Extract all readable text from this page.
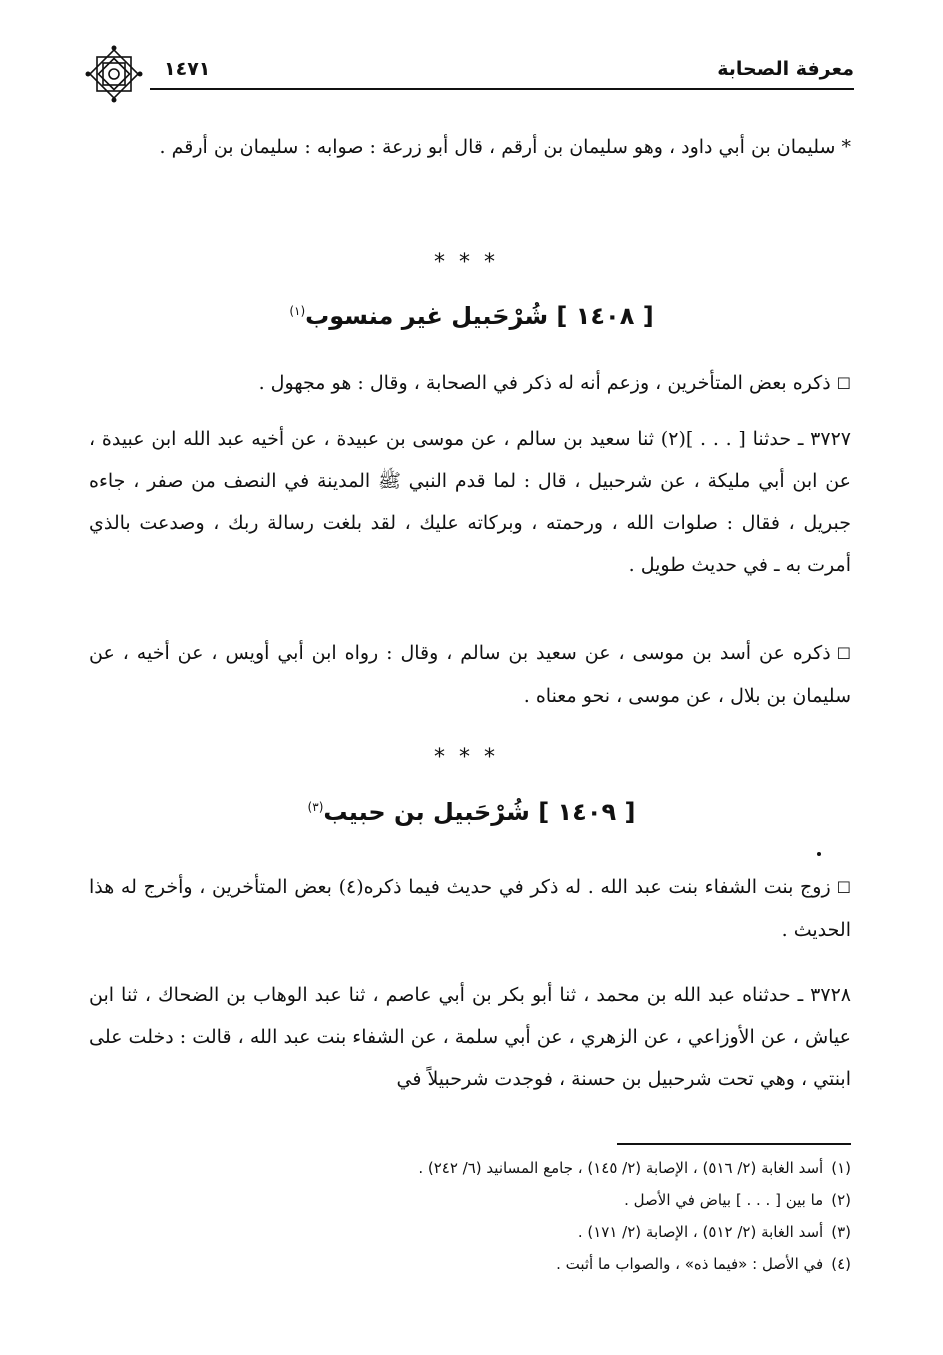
معرفة الصحابة
١٤٧١
* سليمان بن أبي داود ، وهو سليمان بن أرقم ، قال أبو زرعة : صوابه : سليمان بن أرقم .
***
[ ١٤٠٨ ] شُرْحَبيل غير منسوب$^{(١)}$
☐ذكره بعض المتأخرين ، وزعم أنه له ذكر في الصحابة ، وقال : هو مجهول .
٣٧٢٧ ـ حدثنا [ . . . ](٢) ثنا سعيد بن سالم ، عن موسى بن عبيدة ، عن أخيه عبد الله ابن عبيدة ، عن ابن أبي مليكة ، عن شرحبيل ، قال : لما قدم النبي ﷺ المدينة في النصف من صفر ، جاءه جبريل ، فقال : صلوات الله ، ورحمته ، وبركاته عليك ، لقد بلغت رسالة ربك ، وصدعت بالذي أمرت به ـ في حديث طويل .
☐ذكره عن أسد بن موسى ، عن سعيد بن سالم ، وقال : رواه ابن أبي أويس ، عن أخيه ، عن سليمان بن بلال ، عن موسى ، نحو معناه .
***
[ ١٤٠٩ ] شُرْحَبيل بن حبيب$^{(٣)}$
☐زوج بنت الشفاء بنت عبد الله . له ذكر في حديث فيما ذكره(٤) بعض المتأخرين ، وأخرج له هذا الحديث .
٣٧٢٨ ـ حدثناه عبد الله بن محمد ، ثنا أبو بكر بن أبي عاصم ، ثنا عبد الوهاب بن الضحاك ، ثنا ابن عياش ، عن الأوزاعي ، عن الزهري ، عن أبي سلمة ، عن الشفاء بنت عبد الله ، قالت : دخلت على ابنتي ، وهي تحت شرحبيل بن حسنة ، فوجدت شرحبيلاً في
(١)أسد الغابة (٢/ ٥١٦) ، الإصابة (٢/ ١٤٥) ، جامع المسانيد (٦/ ٢٤٢) .
(٢)ما بين [ . . . ] بياض في الأصل .
(٣)أسد الغابة (٢/ ٥١٢) ، الإصابة (٢/ ١٧١) .
(٤)في الأصل : «فيما ذه» ، والصواب ما أثبت .
